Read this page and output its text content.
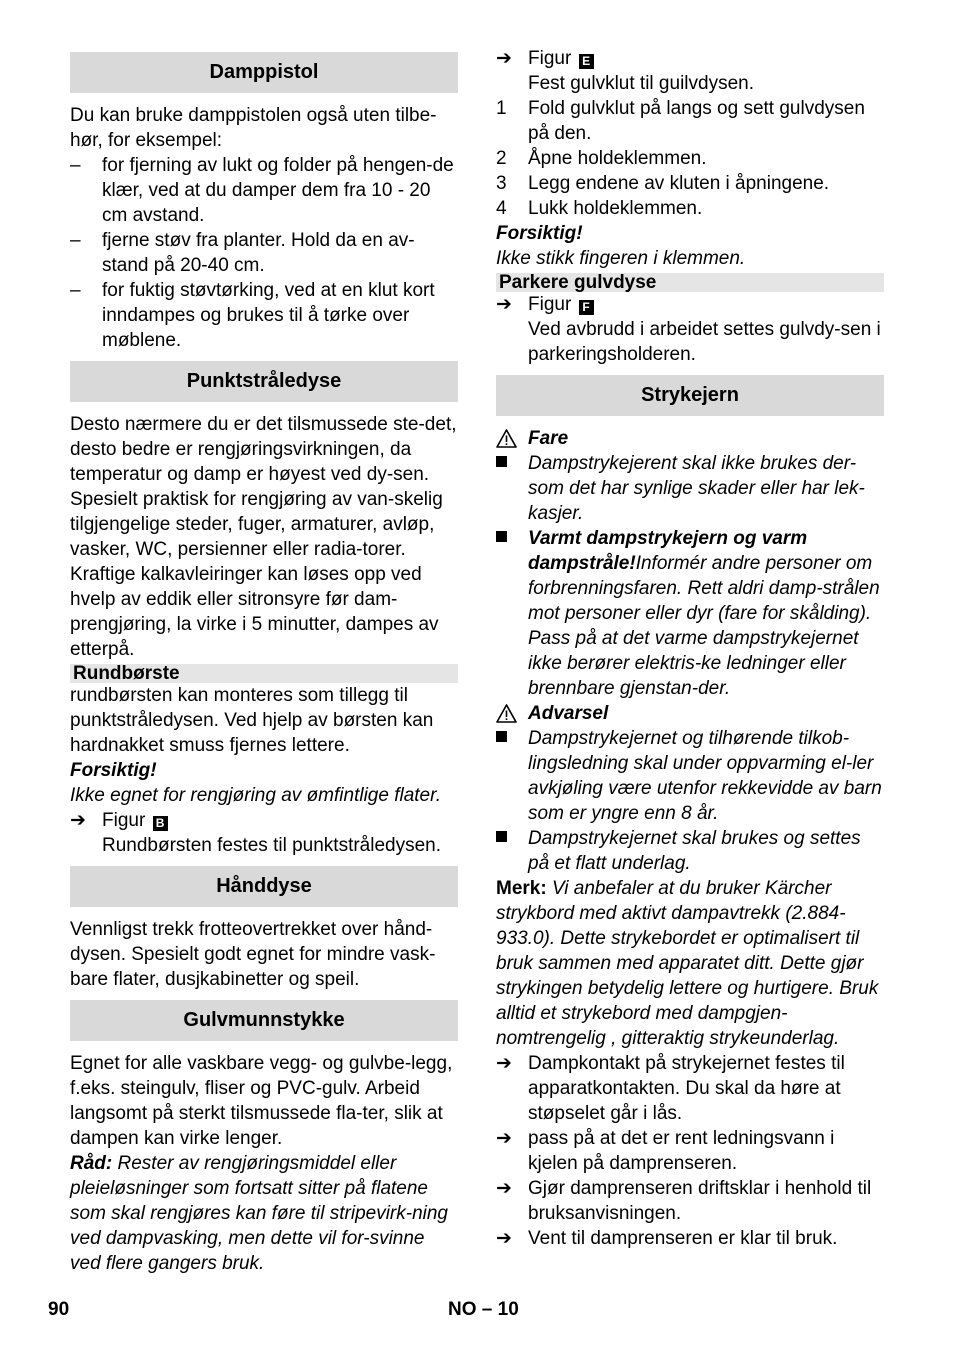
Damppistol

Du kan bruke damppistolen også uten tilbe-hør, for eksempel:

–	for fjerning av lukt og folder på hengen-de klær, ved at du damper dem fra 10 - 20 cm avstand.
–	fjerne støv fra planter. Hold da en av-stand på 20-40 cm.
–	for fuktig støvtørking, ved at en klut kort inndampes og brukes til å tørke over møblene.
Punktstråledyse

Desto nærmere du er det tilsmussede ste-det, desto bedre er rengjøringsvirkningen, da temperatur og damp er høyest ved dy-sen. Spesielt praktisk for rengjøring av van-skelig tilgjengelige steder, fuger, armaturer, avløp, vasker, WC, persienner eller radia-torer. Kraftige kalkavleiringer kan løses opp ved hvelp av eddik eller sitronsyre før dam-prengjøring, la virke i 5 minutter, dampes av etterpå.

Rundbørste

rundbørsten kan monteres som tillegg til punktstråledysen. Ved hjelp av børsten kan hardnakket smuss fjernes lettere.

Forsiktig!

Ikke egnet for rengjøring av ømfintlige flater.

➔ Figur B
Rundbørsten festes til punktstråledysen.
Hånddyse

Vennligst trekk frotteovertrekket over hånd-dysen. Spesielt godt egnet for mindre vask-bare flater, dusjkabinetter og speil.

Gulvmunnstykke

Egnet for alle vaskbare vegg- og gulvbe-legg, f.eks. steingulv, fliser og PVC-gulv. Arbeid langsomt på sterkt tilsmussede fla-ter, slik at dampen kan virke lenger.

Råd: Rester av rengjøringsmiddel eller pleieløsninger som fortsatt sitter på flatene som skal rengjøres kan føre til stripevirk-ning ved dampvasking, men dette vil for-svinne ved flere gangers bruk.

➔ Figur E
Fest gulvklut til guilvdysen.
1	Fold gulvklut på langs og sett gulvdysen på den.
2	Åpne holdeklemmen.
3	Legg endene av kluten i åpningene.
4	Lukk holdeklemmen.

Forsiktig!

Ikke stikk fingeren i klemmen.

Parkere gulvdyse
➔ Figur F
Ved avbrudd i arbeidet settes gulvdy-sen i parkeringsholderen.
Strykejern
Fare
Dampstrykejerent skal ikke brukes der-som det har synlige skader eller har lek-kasjer.
Varmt dampstrykejern og varm dampstråle!Informér andre personer om forbrenningsfaren. Rett aldri damp-strålen mot personer eller dyr (fare for skålding). Pass på at det varme dampstrykejernet ikke berører elektris-ke ledninger eller brennbare gjenstan-der.
Advarsel
Dampstrykejernet og tilhørende tilkob-lingsledning skal under oppvarming el-ler avkjøling være utenfor rekkevidde av barn som er yngre enn 8 år.
Dampstrykejernet skal brukes og settes på et flatt underlag.

Merk: Vi anbefaler at du bruker Kärcher strykbord med aktivt dampavtrekk (2.884-933.0). Dette strykebordet er optimalisert til bruk sammen med apparatet ditt. Dette gjør strykingen betydelig lettere og hurtigere. Bruk alltid et strykebord med dampgjen-nomtrengelig , gitteraktig strykeunderlag.

➔ Dampkontakt på strykejernet festes til apparatkontakten. Du skal da høre at støpselet går i lås.
➔ pass på at det er rent ledningsvann i kjelen på damprenseren.
➔ Gjør damprenseren driftsklar i henhold til bruksanvisningen.
➔ Vent til damprenseren er klar til bruk.
90	NO – 10
